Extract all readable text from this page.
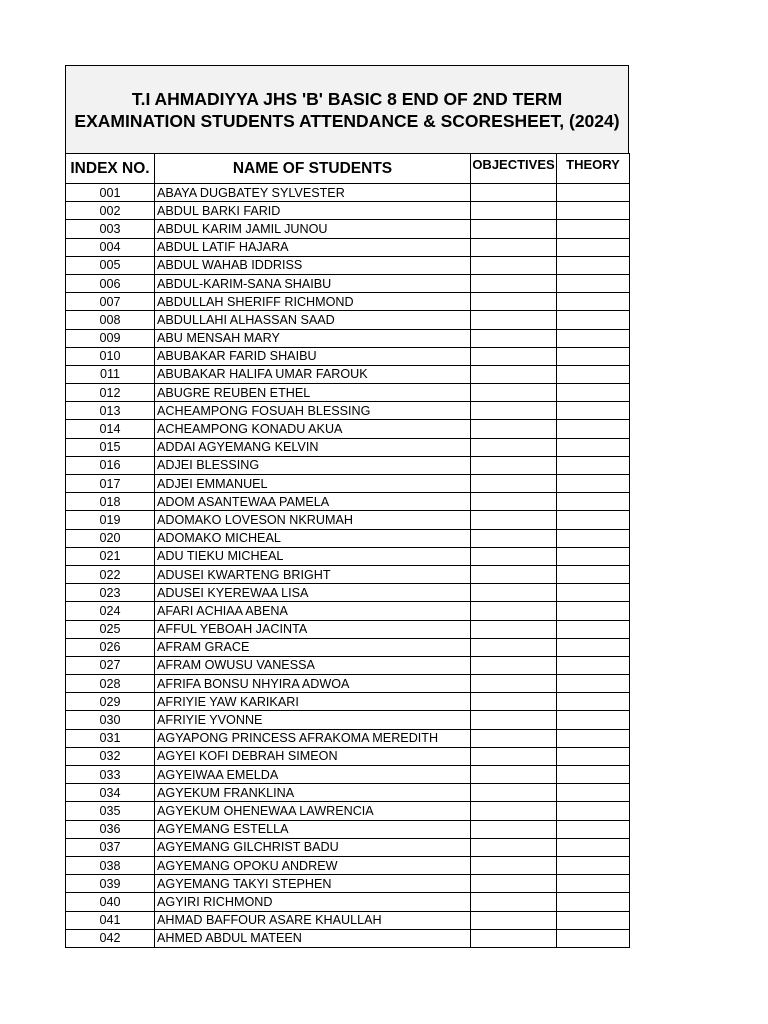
T.I AHMADIYYA JHS 'B' BASIC 8 END OF 2ND TERM
EXAMINATION STUDENTS ATTENDANCE & SCORESHEET, (2024)
INDEX NO.	NAME OF STUDENTS	OBJECTIVES	THEORY
001	ABAYA DUGBATEY SYLVESTER		
002	ABDUL BARKI FARID		
003	ABDUL KARIM JAMIL JUNOU		
004	ABDUL LATIF HAJARA		
005	ABDUL WAHAB IDDRISS		
006	ABDUL-KARIM-SANA SHAIBU		
007	ABDULLAH SHERIFF RICHMOND		
008	ABDULLAHI ALHASSAN SAAD		
009	ABU MENSAH MARY		
010	ABUBAKAR FARID SHAIBU		
011	ABUBAKAR HALIFA UMAR FAROUK		
012	ABUGRE REUBEN ETHEL		
013	ACHEAMPONG FOSUAH BLESSING		
014	ACHEAMPONG KONADU AKUA		
015	ADDAI AGYEMANG KELVIN		
016	ADJEI BLESSING		
017	ADJEI EMMANUEL		
018	ADOM ASANTEWAA PAMELA		
019	ADOMAKO LOVESON NKRUMAH		
020	ADOMAKO MICHEAL		
021	ADU TIEKU MICHEAL		
022	ADUSEI KWARTENG BRIGHT		
023	ADUSEI KYEREWAA LISA		
024	AFARI ACHIAA ABENA		
025	AFFUL YEBOAH JACINTA		
026	AFRAM GRACE		
027	AFRAM OWUSU VANESSA		
028	AFRIFA BONSU NHYIRA ADWOA		
029	AFRIYIE YAW KARIKARI		
030	AFRIYIE YVONNE		
031	AGYAPONG PRINCESS AFRAKOMA MEREDITH		
032	AGYEI KOFI DEBRAH SIMEON		
033	AGYEIWAA EMELDA		
034	AGYEKUM FRANKLINA		
035	AGYEKUM OHENEWAA LAWRENCIA		
036	AGYEMANG ESTELLA		
037	AGYEMANG GILCHRIST BADU		
038	AGYEMANG OPOKU ANDREW		
039	AGYEMANG TAKYI STEPHEN		
040	AGYIRI RICHMOND		
041	AHMAD BAFFOUR ASARE KHAULLAH		
042	AHMED ABDUL MATEEN		
